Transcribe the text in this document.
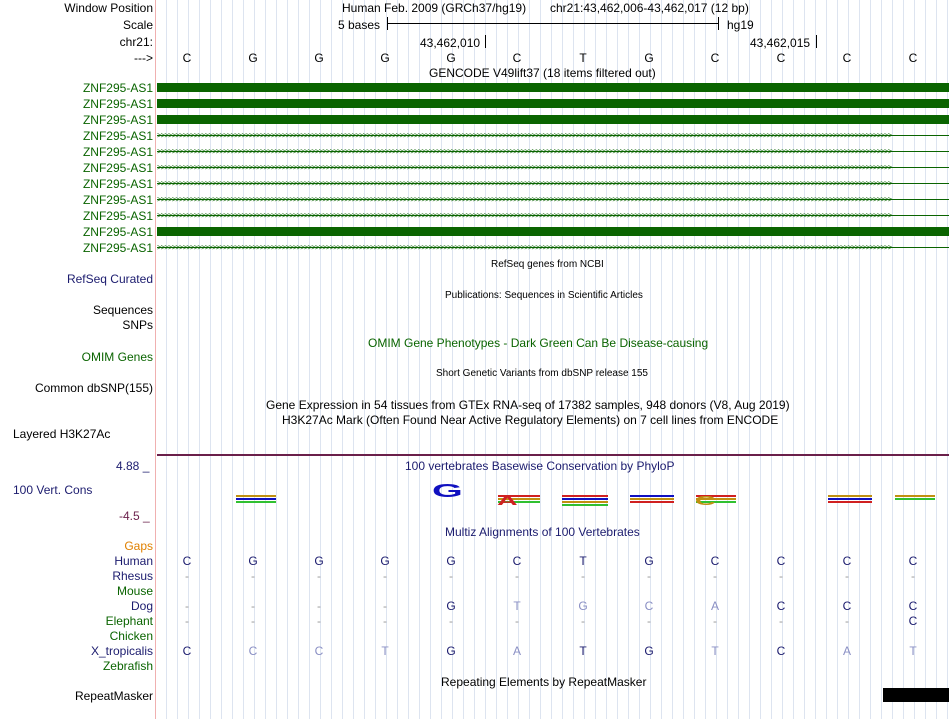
Window Position	Human Feb. 2009 (GRCh37/hg19) chr21:43,462,006-43,462,017 (12 bp)
Scale	5 bases	hg19
chr21:	43,462,010	43,462,015
--->	C	G	G	G	G	C	T	G	C	C	C	C
GENCODE V49lift37 (18 items filtered out)
ZNF295-AS1
ZNF295-AS1
ZNF295-AS1
ZNF295-AS1 >>>>>>>>>>>>>>>>>>>>>>>>>>>>>>>>>>>>>>>>>>>>>>>>>>>>>>>>>>>>>>>>>>>>>>>>>>>>>>>>>>>>>>>>>>>>>>>>>>>>>>>>>>>>>>>>>>>>>>>>>>>>>>>>>>>>>>>>>>>>>>>>>>>>>>>>>>>>>>>>>>>>>>>>>>>>>>>>>>>>>>>>>>>>>>>>>>>>>>>>
ZNF295-AS1 >>>>>>>>>>>>>>>>>>>>>>>>>>>>>>>>>>>>>>>>>>>>>>>>>>>>>>>>>>>>>>>>>>>>>>>>>>>>>>>>>>>>>>>>>>>>>>>>>>>>>>>>>>>>>>>>>>>>>>>>>>>>>>>>>>>>>>>>>>>>>>>>>>>>>>>>>>>>>>>>>>>>>>>>>>>>>>>>>>>>>>>>>>>>>>>>>>>>>>>>
ZNF295-AS1 >>>>>>>>>>>>>>>>>>>>>>>>>>>>>>>>>>>>>>>>>>>>>>>>>>>>>>>>>>>>>>>>>>>>>>>>>>>>>>>>>>>>>>>>>>>>>>>>>>>>>>>>>>>>>>>>>>>>>>>>>>>>>>>>>>>>>>>>>>>>>>>>>>>>>>>>>>>>>>>>>>>>>>>>>>>>>>>>>>>>>>>>>>>>>>>>>>>>>>>>
ZNF295-AS1 >>>>>>>>>>>>>>>>>>>>>>>>>>>>>>>>>>>>>>>>>>>>>>>>>>>>>>>>>>>>>>>>>>>>>>>>>>>>>>>>>>>>>>>>>>>>>>>>>>>>>>>>>>>>>>>>>>>>>>>>>>>>>>>>>>>>>>>>>>>>>>>>>>>>>>>>>>>>>>>>>>>>>>>>>>>>>>>>>>>>>>>>>>>>>>>>>>>>>>>>
ZNF295-AS1 >>>>>>>>>>>>>>>>>>>>>>>>>>>>>>>>>>>>>>>>>>>>>>>>>>>>>>>>>>>>>>>>>>>>>>>>>>>>>>>>>>>>>>>>>>>>>>>>>>>>>>>>>>>>>>>>>>>>>>>>>>>>>>>>>>>>>>>>>>>>>>>>>>>>>>>>>>>>>>>>>>>>>>>>>>>>>>>>>>>>>>>>>>>>>>>>>>>>>>>>
ZNF295-AS1 >>>>>>>>>>>>>>>>>>>>>>>>>>>>>>>>>>>>>>>>>>>>>>>>>>>>>>>>>>>>>>>>>>>>>>>>>>>>>>>>>>>>>>>>>>>>>>>>>>>>>>>>>>>>>>>>>>>>>>>>>>>>>>>>>>>>>>>>>>>>>>>>>>>>>>>>>>>>>>>>>>>>>>>>>>>>>>>>>>>>>>>>>>>>>>>>>>>>>>>>
ZNF295-AS1
ZNF295-AS1 >>>>>>>>>>>>>>>>>>>>>>>>>>>>>>>>>>>>>>>>>>>>>>>>>>>>>>>>>>>>>>>>>>>>>>>>>>>>>>>>>>>>>>>>>>>>>>>>>>>>>>>>>>>>>>>>>>>>>>>>>>>>>>>>>>>>>>>>>>>>>>>>>>>>>>>>>>>>>>>>>>>>>>>>>>>>>>>>>>>>>>>>>>>>>>>>>>>>>>>>
RefSeq genes from NCBI
RefSeq Curated
Publications: Sequences in Scientific Articles
Sequences
SNPs
OMIM Gene Phenotypes - Dark Green Can Be Disease-causing
OMIM Genes
Short Genetic Variants from dbSNP release 155
Common dbSNP(155)
Gene Expression in 54 tissues from GTEx RNA-seq of 17382 samples, 948 donors (V8, Aug 2019)
H3K27Ac Mark (Often Found Near Active Regulatory Elements) on 7 cell lines from ENCODE
Layered H3K27Ac
4.88 _	100 vertebrates Basewise Conservation by PhyloP
100 Vert. Cons
-4.5 _
G	A	C
Multiz Alignments of 100 Vertebrates
Gaps
Human	C	G	G	G	G	C	T	G	C	C	C	C
Rhesus	-	-	-	-	-	-	-	-	-	-	-	-
Mouse
Dog	-	-	-	-	G	T	G	C	A	C	C	C
Elephant	-	-	-	-	-	-	-	-	-	-	-	C
Chicken
X_tropicalis	C	C	C	T	G	A	T	G	T	C	A	T
Zebrafish
Repeating Elements by RepeatMasker
RepeatMasker
